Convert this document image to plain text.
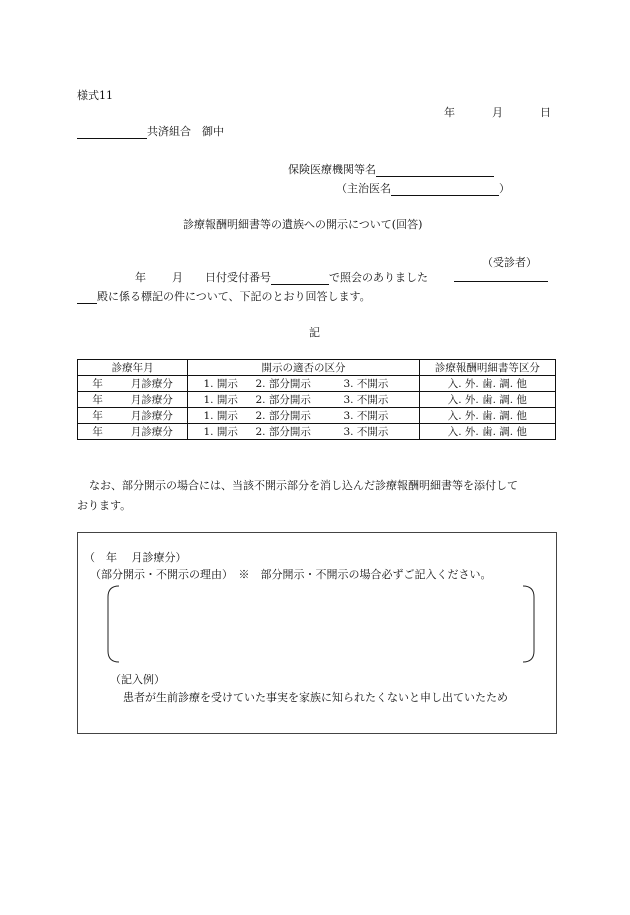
様式11
年	月	日
共済組合　 御中
保険医療機関等名
（主治医名	）
診療報酬明細書等の遺族への開示について(回答)
（受診者）
年 月 日付受付番号	で照会のありました
殿に係る標記の件について、下記のとおり回答します。
記
診療年月	開示の適否の区分	診療報酬明細書等区分
年 月診療分	1. 開示 2. 部分開示 3. 不開示	入. 外. 歯. 調. 他
年 月診療分	1. 開示 2. 部分開示 3. 不開示	入. 外. 歯. 調. 他
年 月診療分	1. 開示 2. 部分開示 3. 不開示	入. 外. 歯. 調. 他
年 月診療分	1. 開示 2. 部分開示 3. 不開示	入. 外. 歯. 調. 他
なお、部分開示の場合には、当該不開示部分を消し込んだ診療報酬明細書等を添付して
おります。
（　年　 月診療分）
（部分開示・不開示の理由）　※　部分開示・不開示の場合必ずご記入ください。
（記入例）
患者が生前診療を受けていた事実を家族に知られたくないと申し出ていたため
